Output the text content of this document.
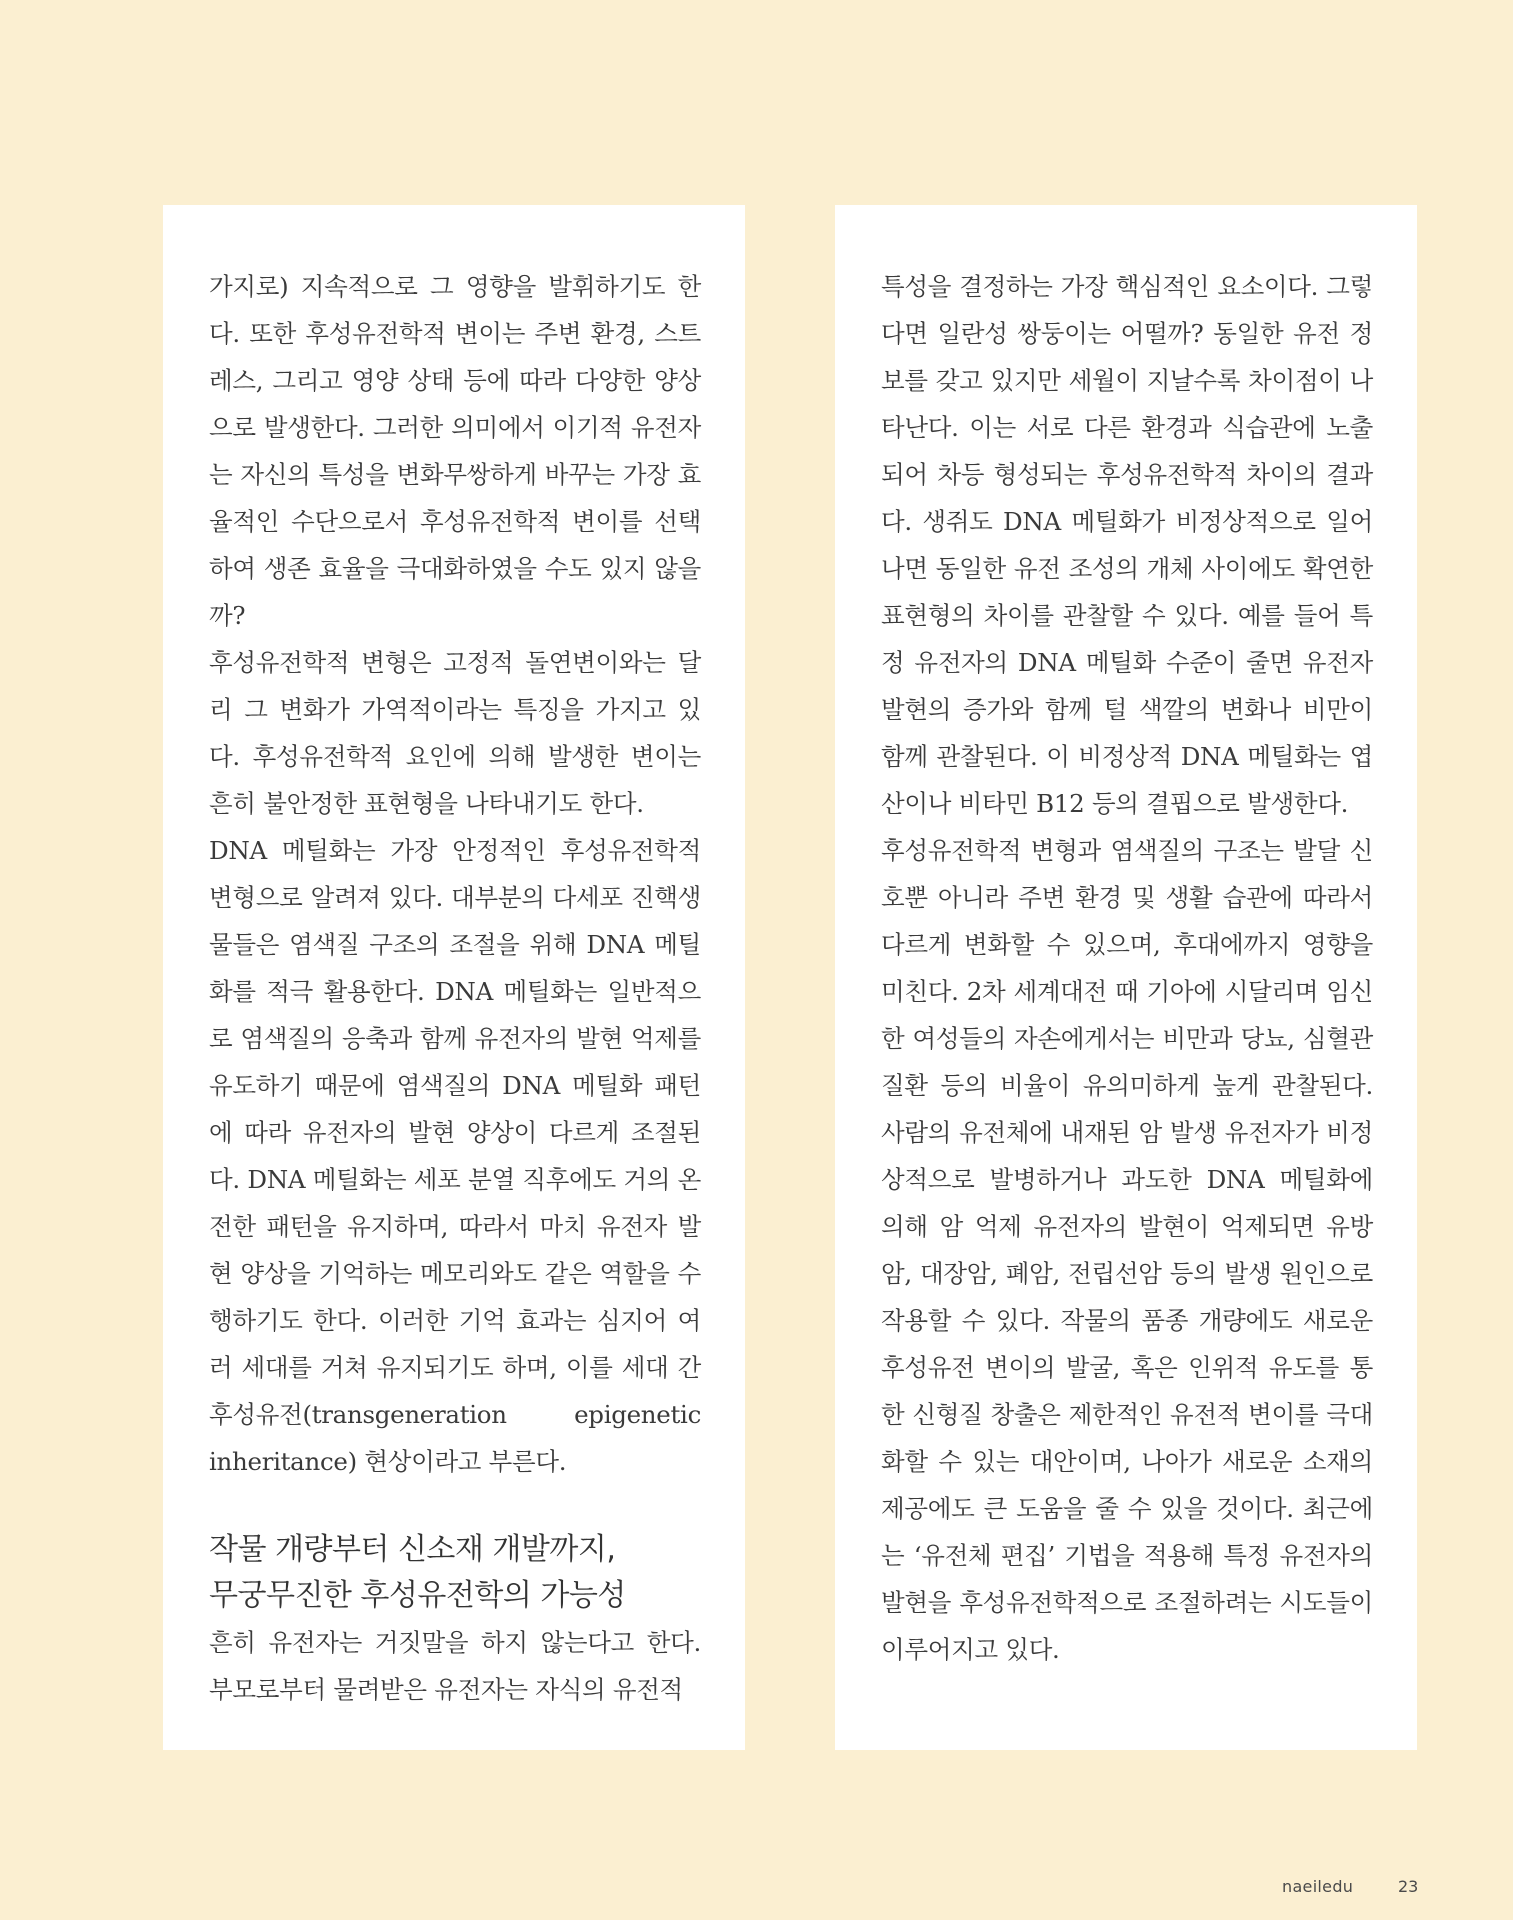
가지로) 지속적으로 그 영향을 발휘하기도 한다. 또한 후성유전학적 변이는 주변 환경, 스트레스, 그리고 영양 상태 등에 따라 다양한 양상으로 발생한다. 그러한 의미에서 이기적 유전자는 자신의 특성을 변화무쌍하게 바꾸는 가장 효율적인 수단으로서 후성유전학적 변이를 선택하여 생존 효율을 극대화하였을 수도 있지 않을까?

후성유전학적 변형은 고정적 돌연변이와는 달리 그 변화가 가역적이라는 특징을 가지고 있다. 후성유전학적 요인에 의해 발생한 변이는 흔히 불안정한 표현형을 나타내기도 한다.

DNA 메틸화는 가장 안정적인 후성유전학적 변형으로 알려져 있다. 대부분의 다세포 진핵생물들은 염색질 구조의 조절을 위해 DNA 메틸화를 적극 활용한다. DNA 메틸화는 일반적으로 염색질의 응축과 함께 유전자의 발현 억제를 유도하기 때문에 염색질의 DNA 메틸화 패턴에 따라 유전자의 발현 양상이 다르게 조절된다. DNA 메틸화는 세포 분열 직후에도 거의 온전한 패턴을 유지하며, 따라서 마치 유전자 발현 양상을 기억하는 메모리와도 같은 역할을 수행하기도 한다. 이러한 기억 효과는 심지어 여러 세대를 거쳐 유지되기도 하며, 이를 세대 간 후성유전(transgeneration epigenetic inheritance) 현상이라고 부른다.

작물 개량부터 신소재 개발까지,
무궁무진한 후성유전학의 가능성

흔히 유전자는 거짓말을 하지 않는다고 한다. 부모로부터 물려받은 유전자는 자식의 유전적

특성을 결정하는 가장 핵심적인 요소이다. 그렇다면 일란성 쌍둥이는 어떨까? 동일한 유전 정보를 갖고 있지만 세월이 지날수록 차이점이 나타난다. 이는 서로 다른 환경과 식습관에 노출되어 차등 형성되는 후성유전학적 차이의 결과다. 생쥐도 DNA 메틸화가 비정상적으로 일어나면 동일한 유전 조성의 개체 사이에도 확연한 표현형의 차이를 관찰할 수 있다. 예를 들어 특정 유전자의 DNA 메틸화 수준이 줄면 유전자 발현의 증가와 함께 털 색깔의 변화나 비만이 함께 관찰된다. 이 비정상적 DNA 메틸화는 엽산이나 비타민 B12 등의 결핍으로 발생한다.

후성유전학적 변형과 염색질의 구조는 발달 신호뿐 아니라 주변 환경 및 생활 습관에 따라서 다르게 변화할 수 있으며, 후대에까지 영향을 미친다. 2차 세계대전 때 기아에 시달리며 임신한 여성들의 자손에게서는 비만과 당뇨, 심혈관 질환 등의 비율이 유의미하게 높게 관찰된다. 사람의 유전체에 내재된 암 발생 유전자가 비정상적으로 발병하거나 과도한 DNA 메틸화에 의해 암 억제 유전자의 발현이 억제되면 유방암, 대장암, 폐암, 전립선암 등의 발생 원인으로 작용할 수 있다. 작물의 품종 개량에도 새로운 후성유전 변이의 발굴, 혹은 인위적 유도를 통한 신형질 창출은 제한적인 유전적 변이를 극대화할 수 있는 대안이며, 나아가 새로운 소재의 제공에도 큰 도움을 줄 수 있을 것이다. 최근에는 ‘유전체 편집’ 기법을 적용해 특정 유전자의 발현을 후성유전학적으로 조절하려는 시도들이 이루어지고 있다.

naeiledu	23
